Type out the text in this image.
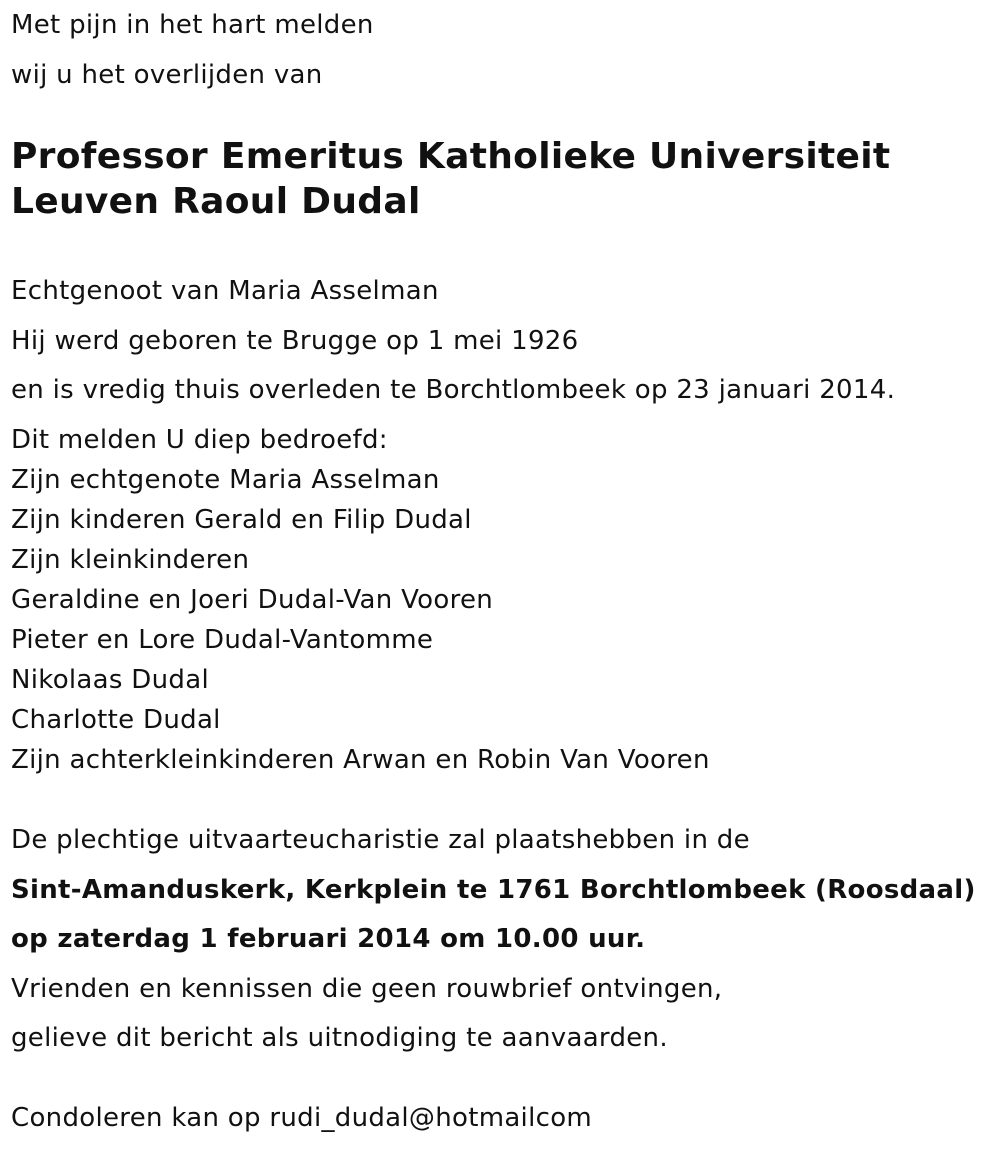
Met pijn in het hart melden

wij u het overlijden van

Professor Emeritus Katholieke Universiteit Leuven Raoul Dudal

Echtgenoot van Maria Asselman

Hij werd geboren te Brugge op 1 mei 1926

en is vredig thuis overleden te Borchtlombeek op 23 januari 2014.

Dit melden U diep bedroefd:

Zijn echtgenote Maria Asselman

Zijn kinderen Gerald en Filip Dudal

Zijn kleinkinderen

Geraldine en Joeri Dudal-Van Vooren

Pieter en Lore Dudal-Vantomme

Nikolaas Dudal

Charlotte Dudal

Zijn achterkleinkinderen Arwan en Robin Van Vooren

De plechtige uitvaarteucharistie zal plaatshebben in de

Sint-Amanduskerk, Kerkplein te 1761 Borchtlombeek (Roosdaal)

op zaterdag 1 februari 2014 om 10.00 uur.

Vrienden en kennissen die geen rouwbrief ontvingen,

gelieve dit bericht als uitnodiging te aanvaarden.

Condoleren kan op rudi_dudal@hotmailcom
